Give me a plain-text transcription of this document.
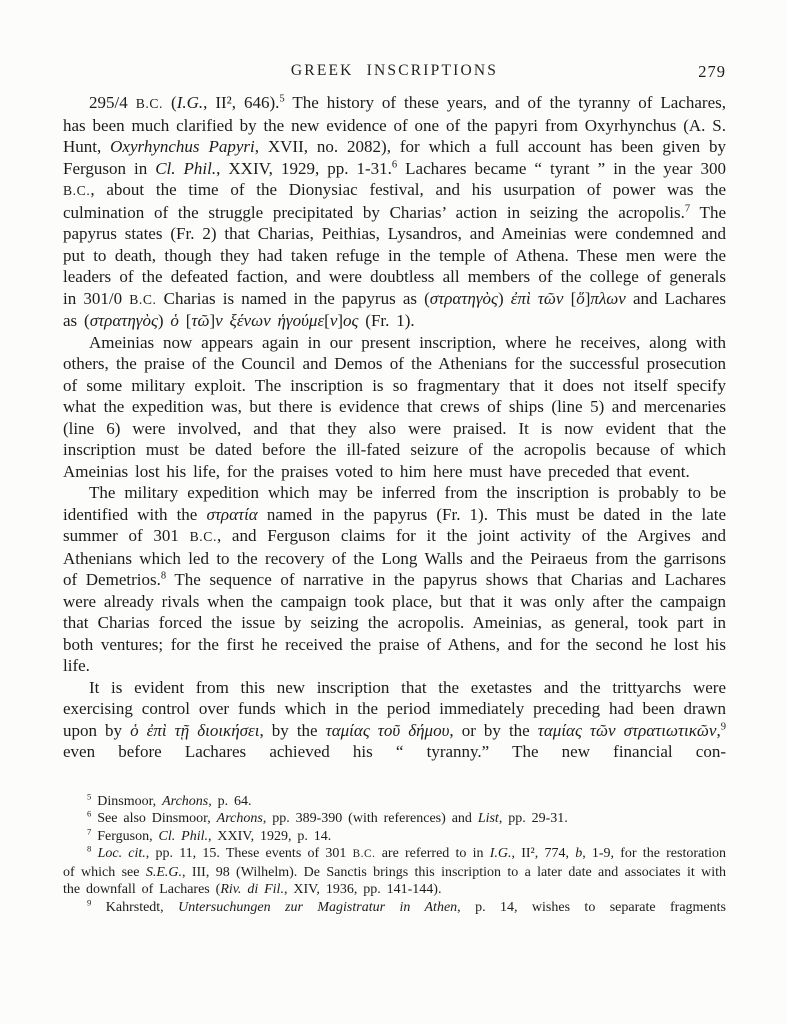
GREEK INSCRIPTIONS	279

295/4 B.C. (I.G., II², 646).$^5$ The history of these years, and of the tyranny of Lachares, has been much clarified by the new evidence of one of the papyri from Oxyrhynchus (A. S. Hunt, Oxyrhynchus Papyri, XVII, no. 2082), for which a full account has been given by Ferguson in Cl. Phil., XXIV, 1929, pp. 1-31.$^6$ Lachares became “ tyrant ” in the year 300 B.C., about the time of the Dionysiac festival, and his usurpation of power was the culmination of the struggle precipitated by Charias’ action in seizing the acropolis.$^7$ The papyrus states (Fr. 2) that Charias, Peithias, Lysandros, and Ameinias were condemned and put to death, though they had taken refuge in the temple of Athena. These men were the leaders of the defeated faction, and were doubtless all members of the college of generals in 301/0 B.C. Charias is named in the papyrus as (στρατηγὸς) ἐπὶ τῶν [ὅ]πλων and Lachares as (στρατηγὸς) ὁ [τῶ]ν ξένων ἡγούμε[ν]ος (Fr. 1).

Ameinias now appears again in our present inscription, where he receives, along with others, the praise of the Council and Demos of the Athenians for the successful prosecution of some military exploit. The inscription is so fragmentary that it does not itself specify what the expedition was, but there is evidence that crews of ships (line 5) and mercenaries (line 6) were involved, and that they also were praised. It is now evident that the inscription must be dated before the ill-fated seizure of the acropolis because of which Ameinias lost his life, for the praises voted to him here must have preceded that event.

The military expedition which may be inferred from the inscription is probably to be identified with the στρατία named in the papyrus (Fr. 1). This must be dated in the late summer of 301 B.C., and Ferguson claims for it the joint activity of the Argives and Athenians which led to the recovery of the Long Walls and the Peiraeus from the garrisons of Demetrios.$^8$ The sequence of narrative in the papyrus shows that Charias and Lachares were already rivals when the campaign took place, but that it was only after the campaign that Charias forced the issue by seizing the acropolis. Ameinias, as general, took part in both ventures; for the first he received the praise of Athens, and for the second he lost his life.

It is evident from this new inscription that the exetastes and the trittyarchs were exercising control over funds which in the period immediately preceding had been drawn upon by ὁ ἐπὶ τῇ διοικήσει, by the ταμίας τοῦ δήμου, or by the ταμίας τῶν στρατιωτικῶν,$^9$ even before Lachares achieved his “ tyranny.” The new financial con-

$^5$ Dinsmoor, Archons, p. 64.

$^6$ See also Dinsmoor, Archons, pp. 389-390 (with references) and List, pp. 29-31.

$^7$ Ferguson, Cl. Phil., XXIV, 1929, p. 14.

$^8$ Loc. cit., pp. 11, 15. These events of 301 B.C. are referred to in I.G., II², 774, b, 1-9, for the restoration of which see S.E.G., III, 98 (Wilhelm). De Sanctis brings this inscription to a later date and associates it with the downfall of Lachares (Riv. di Fil., XIV, 1936, pp. 141-144).

$^9$ Kahrstedt, Untersuchungen zur Magistratur in Athen, p. 14, wishes to separate fragments
